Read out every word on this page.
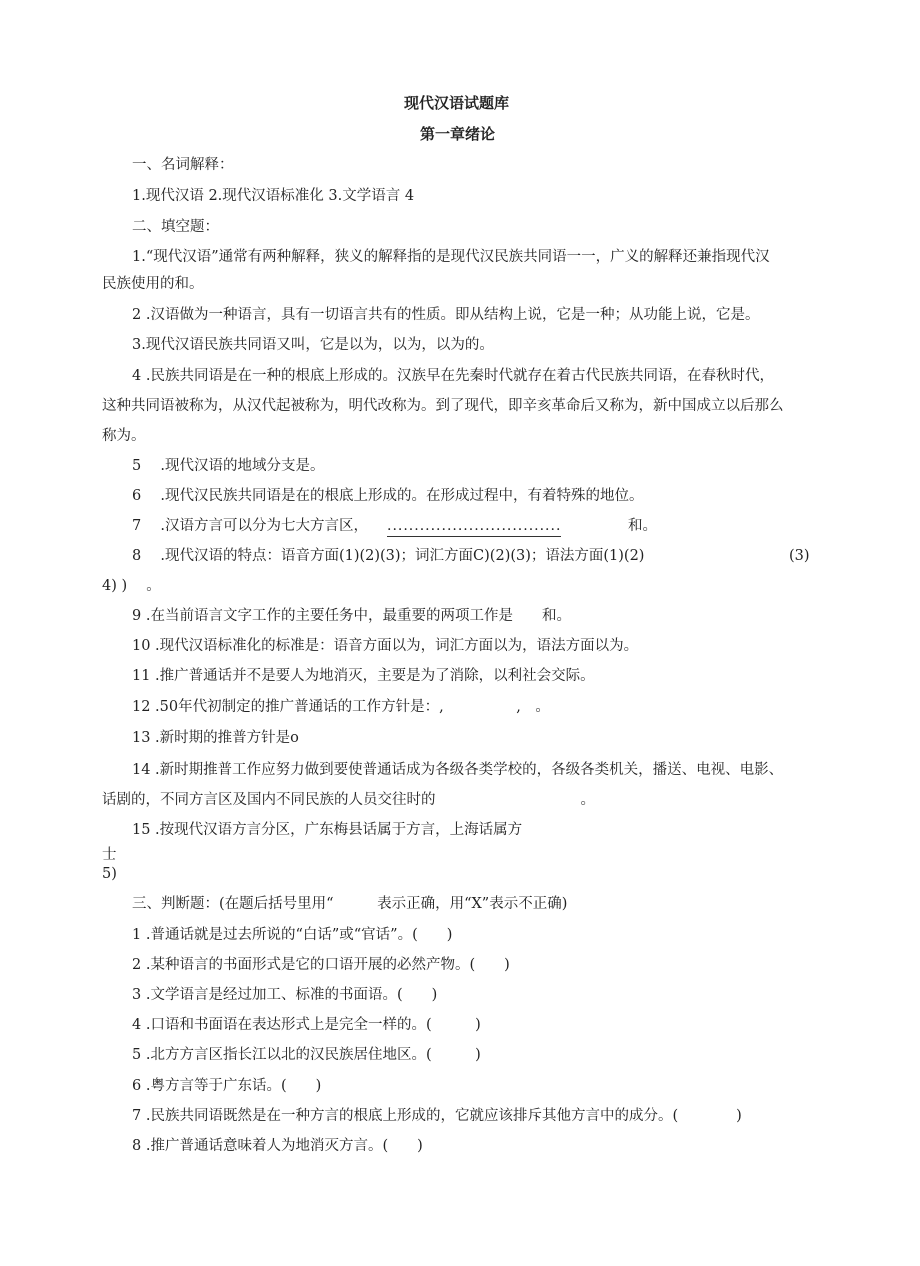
现代汉语试题库
第一章绪论
一、名词解释：
1.现代汉语 2.现代汉语标准化 3.文学语言 4
二、填空题：
1.“现代汉语”通常有两种解释，狭义的解释指的是现代汉民族共同语一一，广义的解释还兼指现代汉
民族使用的和。
2 .汉语做为一种语言，具有一切语言共有的性质。即从结构上说，它是一种；从功能上说，它是。
3.现代汉语民族共同语又叫，它是以为，以为，以为的。
4 .民族共同语是在一种的根底上形成的。汉族早在先秦时代就存在着古代民族共同语，在春秋时代，
这种共同语被称为，从汉代起被称为，明代改称为。到了现代，即辛亥革命后又称为，新中国成立以后那么
称为。
5　 .现代汉语的地域分支是。
6　 .现代汉民族共同语是在的根底上形成的。在形成过程中，有着特殊的地位。
7　 .汉语方言可以分为七大方言区， ................................	和。
8　 .现代汉语的特点：语音方面(1)(2)(3)；词汇方面C)(2)(3)；语法方面(1)(2)	(3)
4) )　 。
9 .在当前语言文字工作的主要任务中，最重要的两项工作是　　和。
10 .现代汉语标准化的标准是：语音方面以为，词汇方面以为，语法方面以为。
11 .推广普通话并不是要人为地消灭，主要是为了消除，以利社会交际。
12 .50年代初制定的推广普通话的工作方针是：,　　　　　,　。
13 .新时期的推普方针是o
14 .新时期推普工作应努力做到要使普通话成为各级各类学校的，各级各类机关，播送、电视、电影、
话剧的，不同方言区及国内不同民族的人员交往时的　　　　　　　　　　。
15 .按现代汉语方言分区，广东梅县话属于方言，上海话属方
士
5)
三、判断题：(在题后括号里用“　　　表示正确，用“X”表示不正确)
1 .普通话就是过去所说的“白话”或“官话”。(　　)
2 .某种语言的书面形式是它的口语开展的必然产物。(　　)
3 .文学语言是经过加工、标准的书面语。(　　)
4 .口语和书面语在表达形式上是完全一样的。(　　　)
5 .北方方言区指长江以北的汉民族居住地区。(　　　)
6 .粤方言等于广东话。(　　)
7 .民族共同语既然是在一种方言的根底上形成的，它就应该排斥其他方言中的成分。(　　　　)
8 .推广普通话意味着人为地消灭方言。(　　)
